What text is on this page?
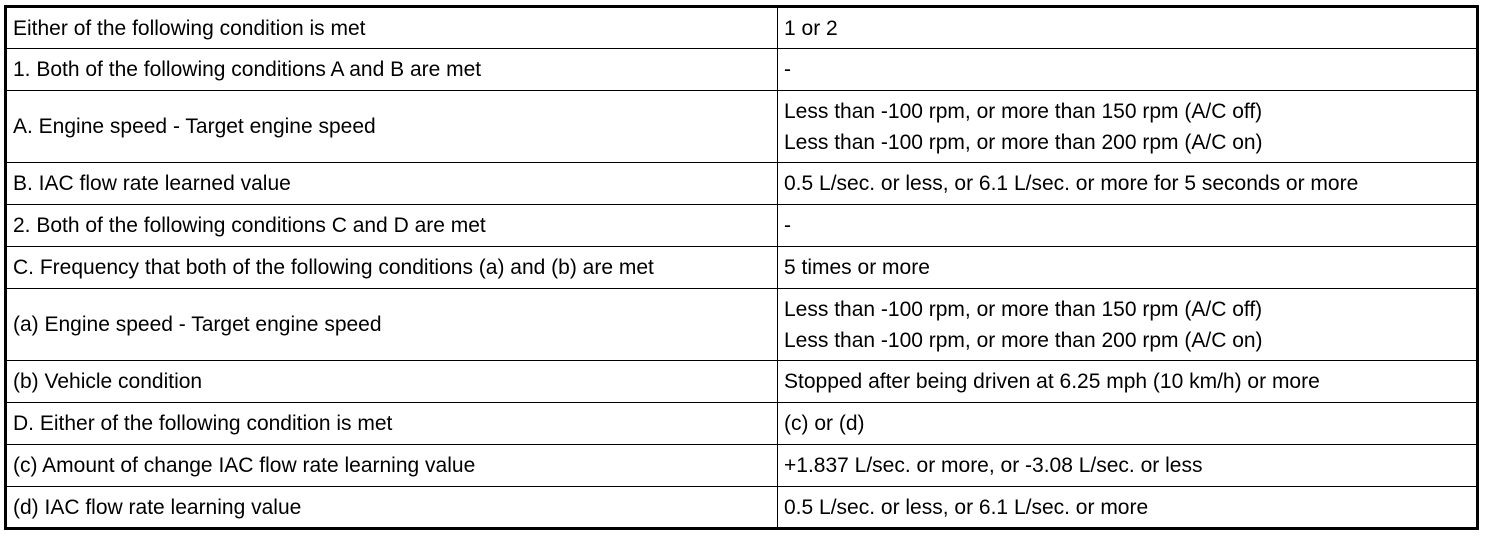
Either of the following condition is met	1 or 2

1. Both of the following conditions A and B are met	-

A. Engine speed - Target engine speed	Less than -100 rpm, or more than 150 rpm (A/C off)
Less than -100 rpm, or more than 200 rpm (A/C on)

B. IAC flow rate learned value	0.5 L/sec. or less, or 6.1 L/sec. or more for 5 seconds or more

2. Both of the following conditions C and D are met	-

C. Frequency that both of the following conditions (a) and (b) are met	5 times or more

(a) Engine speed - Target engine speed	Less than -100 rpm, or more than 150 rpm (A/C off)
Less than -100 rpm, or more than 200 rpm (A/C on)

(b) Vehicle condition	Stopped after being driven at 6.25 mph (10 km/h) or more

D. Either of the following condition is met	(c) or (d)

(c) Amount of change IAC flow rate learning value	+1.837 L/sec. or more, or -3.08 L/sec. or less

(d) IAC flow rate learning value	0.5 L/sec. or less, or 6.1 L/sec. or more
